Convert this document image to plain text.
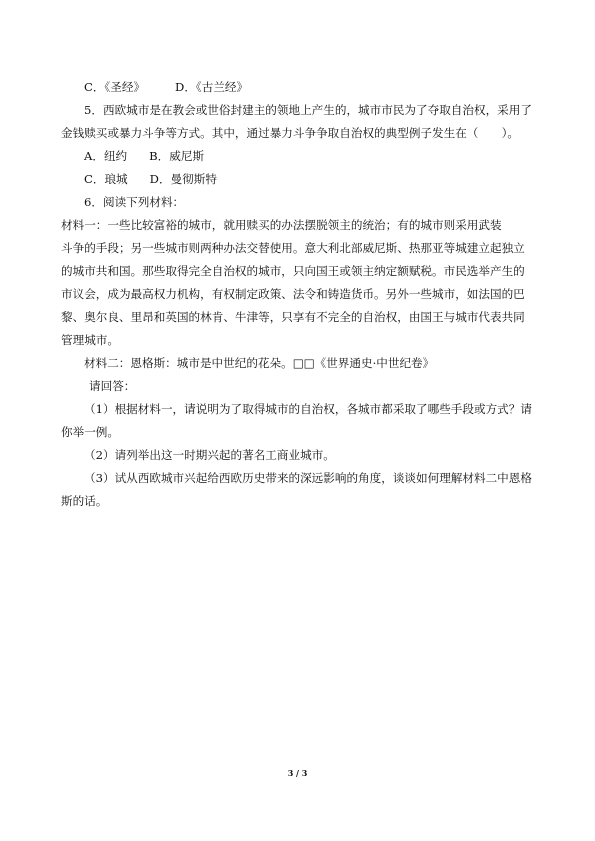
C．《圣经》	D．《古兰经》
5．西欧城市是在教会或世俗封建主的领地上产生的，城市市民为了夺取自治权，采用了
金钱赎买或暴力斗争等方式。其中，通过暴力斗争争取自治权的典型例子发生在（　　）。
A．纽约 B．威尼斯
C．琅城 D．曼彻斯特
6．阅读下列材料：
材料一：一些比较富裕的城市，就用赎买的办法摆脱领主的统治；有的城市则采用武装
斗争的手段；另一些城市则两种办法交替使用。意大利北部威尼斯、热那亚等城建立起独立
的城市共和国。那些取得完全自治权的城市，只向国王或领主纳定额赋税。市民选举产生的
市议会，成为最高权力机构，有权制定政策、法令和铸造货币。另外一些城市，如法国的巴
黎、奥尔良、里昂和英国的林肯、牛津等，只享有不完全的自治权，由国王与城市代表共同
管理城市。
材料二：恩格斯：城市是中世纪的花朵。□□《世界通史·中世纪卷》
请回答：
（1）根据材料一，请说明为了取得城市的自治权，各城市都采取了哪些手段或方式？请
你举一例。
（2）请列举出这一时期兴起的著名工商业城市。
（3）试从西欧城市兴起给西欧历史带来的深远影响的角度，谈谈如何理解材料二中恩格
斯的话。
3 / 3
